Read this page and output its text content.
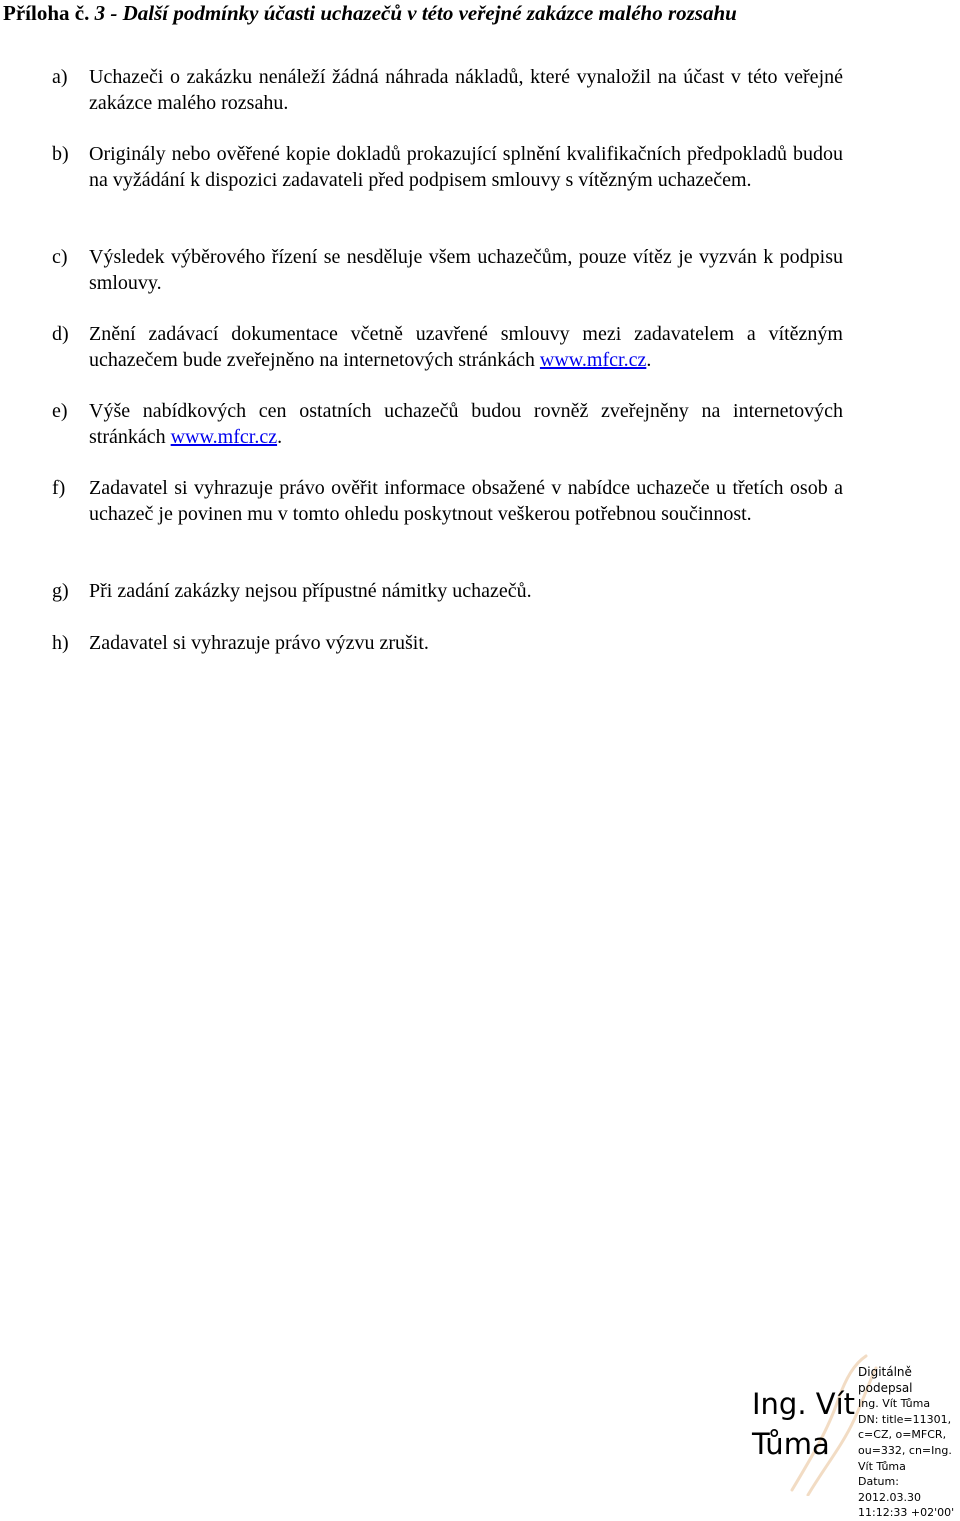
Příloha č. 3 - Další podmínky účasti uchazečů v této veřejné zakázce malého rozsahu
a)	Uchazeči o zakázku nenáleží žádná náhrada nákladů, které vynaložil na účast v této veřejné zakázce malého rozsahu.
b)	Originály nebo ověřené kopie dokladů prokazující splnění kvalifikačních předpokladů budou na vyžádání k dispozici zadavateli před podpisem smlouvy s vítězným uchazečem.
c)	Výsledek výběrového řízení se nesděluje všem uchazečům, pouze vítěz je vyzván k podpisu smlouvy.
d)	Znění zadávací dokumentace včetně uzavřené smlouvy mezi zadavatelem a vítězným uchazečem bude zveřejněno na internetových stránkách www.mfcr.cz.
e)	Výše nabídkových cen ostatních uchazečů budou rovněž zveřejněny na internetových stránkách www.mfcr.cz.
f)	Zadavatel si vyhrazuje právo ověřit informace obsažené v nabídce uchazeče u třetích osob a uchazeč je povinen mu v tomto ohledu poskytnout veškerou potřebnou součinnost.
g)	Při zadání zakázky nejsou přípustné námitky uchazečů.
h)	Zadavatel si vyhrazuje právo výzvu zrušit.
Ing. Vít
Tůma
Digitálně podepsal
Ing. Vít Tůma
DN: title=11301,
c=CZ, o=MFCR,
ou=332, cn=Ing.
Vít Tůma
Datum: 2012.03.30
11:12:33 +02'00'
